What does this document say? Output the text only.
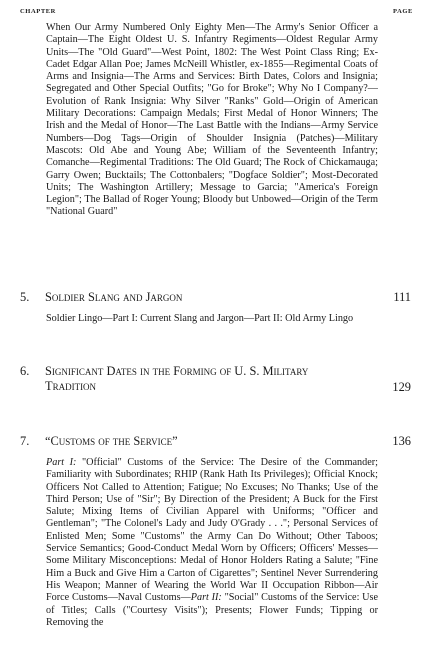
CHAPTER	PAGE
When Our Army Numbered Only Eighty Men—The Army's Senior Officer a Captain—The Eight Oldest U. S. Infantry Regiments—Oldest Regular Army Units—The "Old Guard"—West Point, 1802: The West Point Class Ring; Ex-Cadet Edgar Allan Poe; James McNeill Whistler, ex-1855—Regimental Coats of Arms and Insignia—The Arms and Services: Birth Dates, Colors and Insignia; Segregated and Other Special Outfits; "Go for Broke"; Why No I Company?—Evolution of Rank Insignia: Why Silver "Ranks" Gold—Origin of American Military Decorations: Campaign Medals; First Medal of Honor Winners; The Irish and the Medal of Honor—The Last Battle with the Indians—Army Service Numbers—Dog Tags—Origin of Shoulder Insignia (Patches)—Military Mascots: Old Abe and Young Abe; William of the Seventeenth Infantry; Comanche—Regimental Traditions: The Old Guard; The Rock of Chickamauga; Garry Owen; Bucktails; The Cottonbalers; "Dogface Soldier"; Most-Decorated Units; The Washington Artillery; Message to Garcia; "America's Foreign Legion"; The Ballad of Roger Young; Bloody but Unbowed—Origin of the Term "National Guard"
5.	Soldier Slang and Jargon	111
Soldier Lingo—Part I: Current Slang and Jargon—Part II: Old Army Lingo
6.	Significant Dates in the Forming of U. S. Military
Tradition	129
7.	“Customs of the Service”	136
Part I: "Official" Customs of the Service: The Desire of the Commander; Familiarity with Subordinates; RHIP (Rank Hath Its Privileges); Official Knock; Officers Not Called to Attention; Fatigue; No Excuses; No Thanks; Use of the Third Person; Use of "Sir"; By Direction of the President; A Buck for the First Salute; Mixing Items of Civilian Apparel with Uniforms; "Officer and Gentleman"; "The Colonel's Lady and Judy O'Grady . . ."; Personal Services of Enlisted Men; Some "Customs" the Army Can Do Without; Other Taboos; Service Semantics; Good-Conduct Medal Worn by Officers; Officers' Messes—Some Military Misconceptions: Medal of Honor Holders Rating a Salute; "Fine Him a Buck and Give Him a Carton of Cigarettes"; Sentinel Never Surrendering His Weapon; Manner of Wearing the World War II Occupation Ribbon—Air Force Customs—Naval Customs—Part II: "Social" Customs of the Service: Use of Titles; Calls ("Courtesy Visits"); Presents; Flower Funds; Tipping or Removing the
